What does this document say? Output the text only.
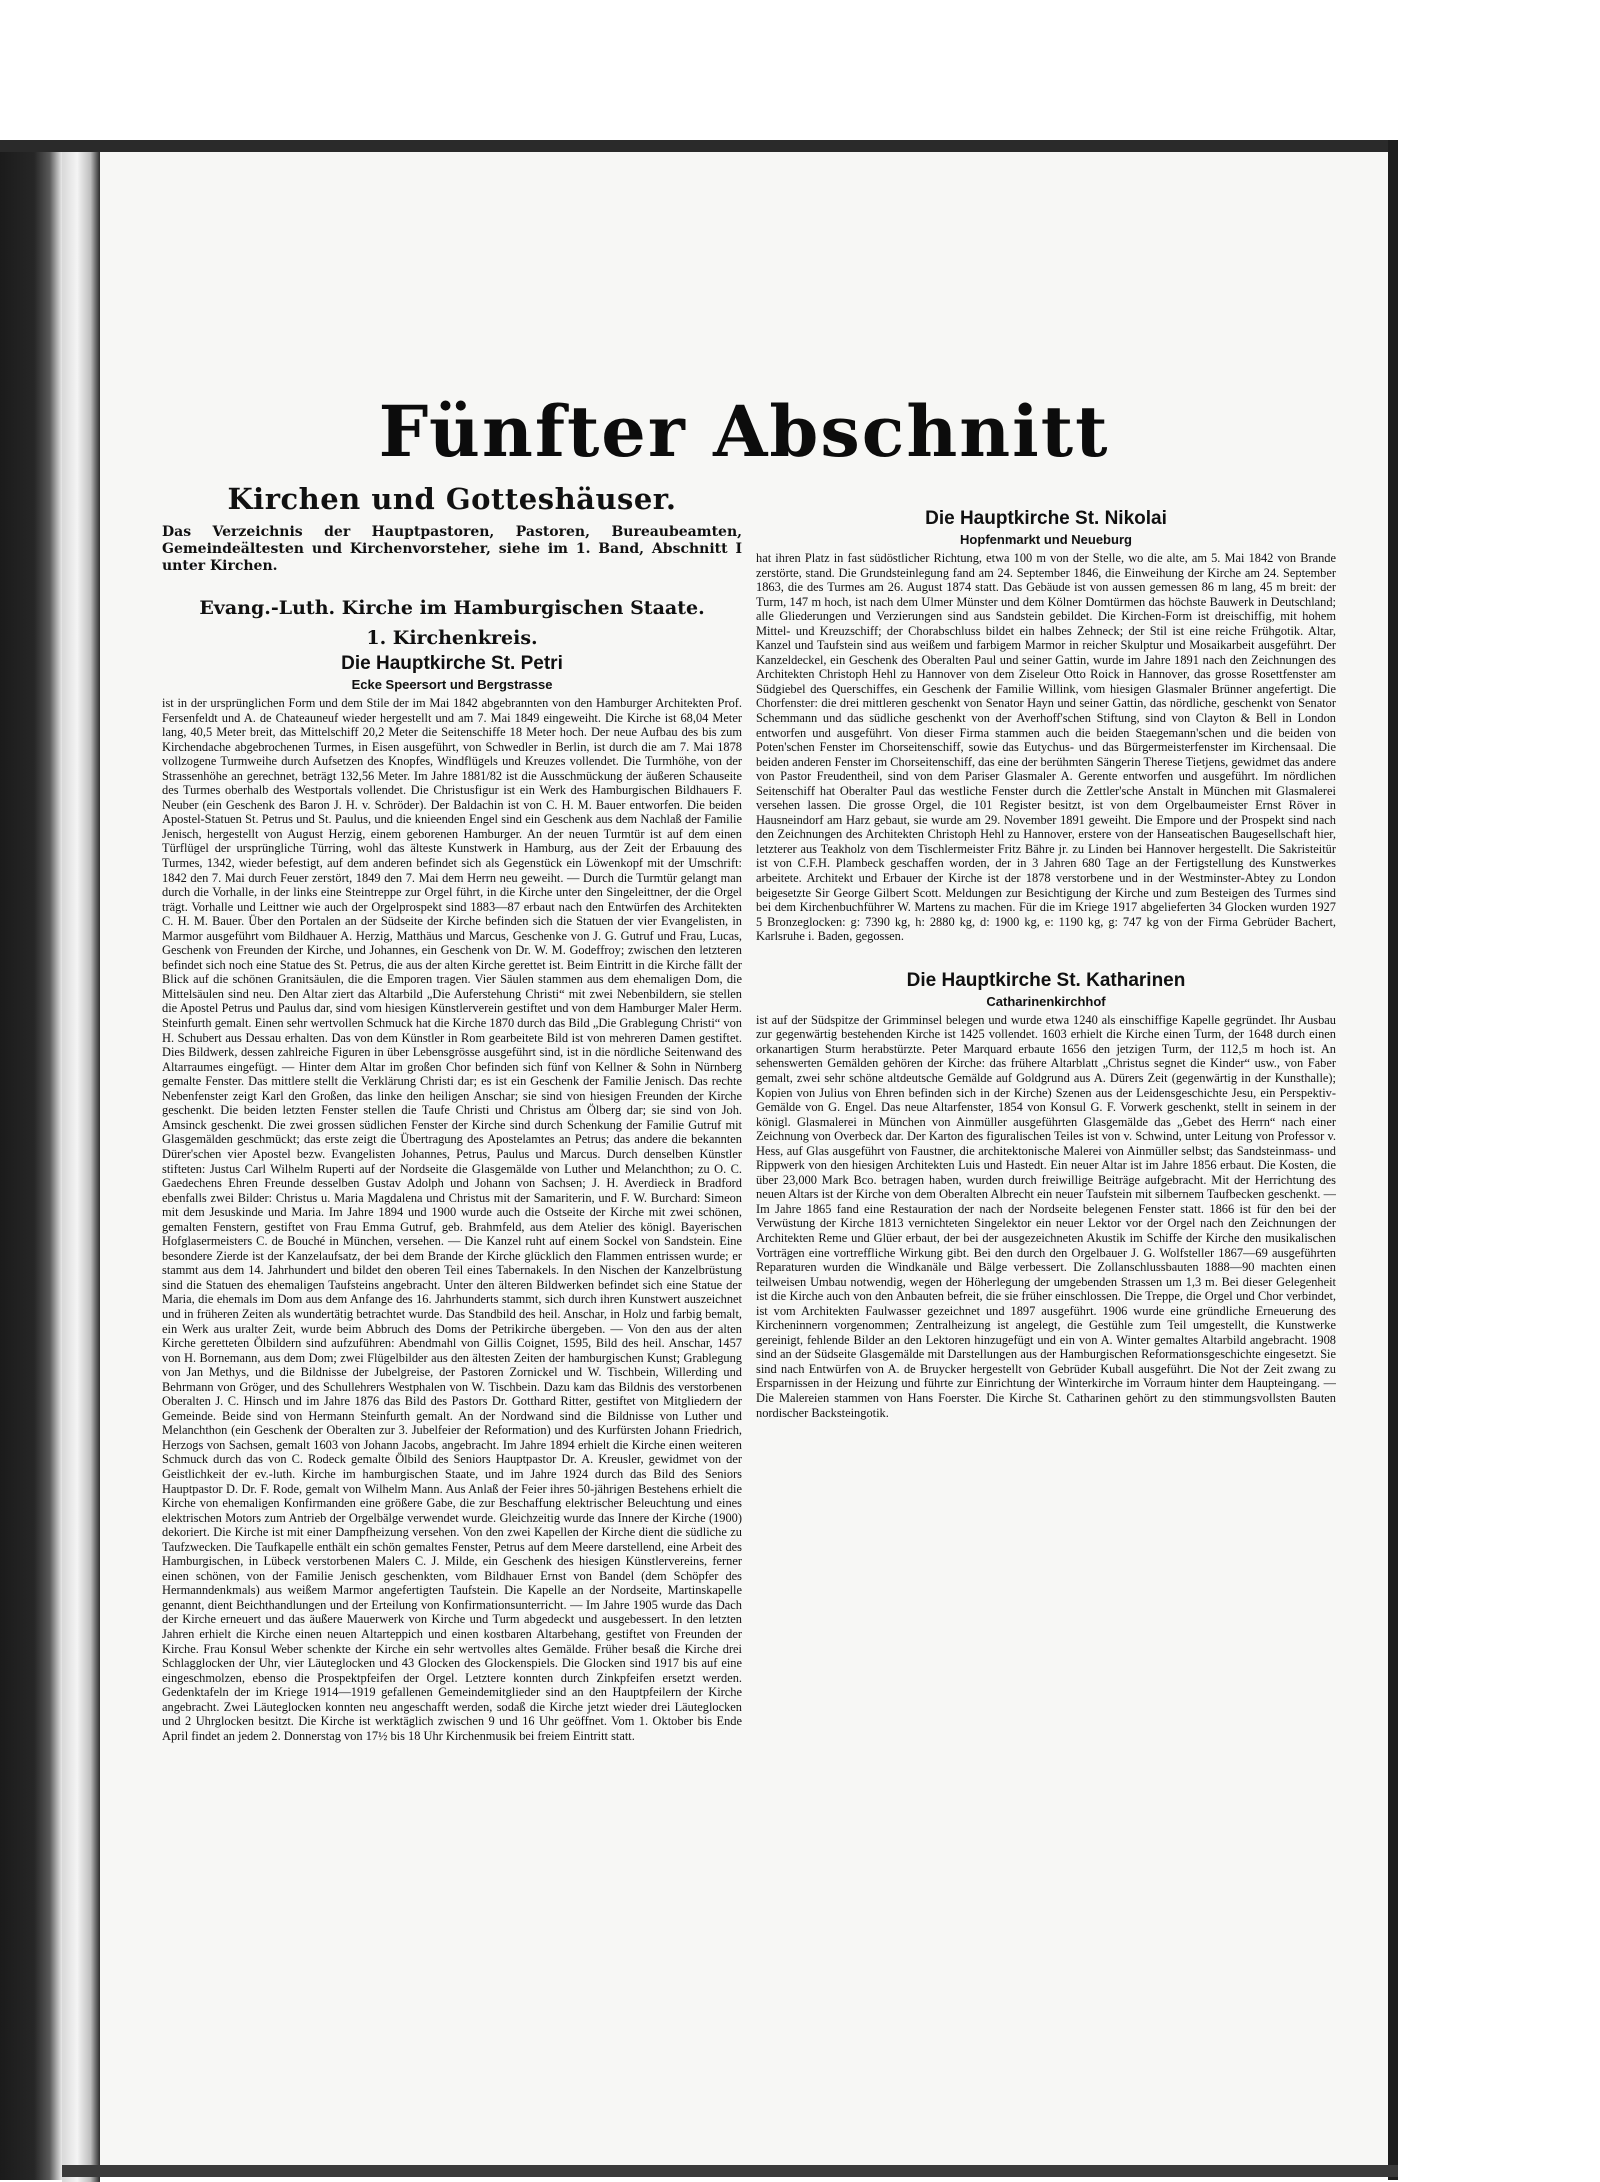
Fünfter Abschnitt
Kirchen und Gotteshäuser.

Das Verzeichnis der Hauptpastoren, Pastoren, Bureaubeamten, Gemeindeältesten und Kirchenvorsteher, siehe im 1. Band, Abschnitt I unter Kirchen.

Evang.-Luth. Kirche im Hamburgischen Staate.
1. Kirchenkreis.
Die Hauptkirche St. Petri
Ecke Speersort und Bergstrasse

ist in der ursprünglichen Form und dem Stile der im Mai 1842 abgebrannten von den Hamburger Architekten Prof. Fersenfeldt und A. de Chateauneuf wieder hergestellt und am 7. Mai 1849 eingeweiht. Die Kirche ist 68,04 Meter lang, 40,5 Meter breit, das Mittelschiff 20,2 Meter die Seitenschiffe 18 Meter hoch. Der neue Aufbau des bis zum Kirchendache abgebrochenen Turmes, in Eisen ausgeführt, von Schwedler in Berlin, ist durch die am 7. Mai 1878 vollzogene Turmweihe durch Aufsetzen des Knopfes, Windflügels und Kreuzes vollendet. Die Turmhöhe, von der Strassenhöhe an gerechnet, beträgt 132,56 Meter. Im Jahre 1881/82 ist die Ausschmückung der äußeren Schauseite des Turmes oberhalb des Westportals vollendet. Die Christusfigur ist ein Werk des Hamburgischen Bildhauers F. Neuber (ein Geschenk des Baron J. H. v. Schröder). Der Baldachin ist von C. H. M. Bauer entworfen. Die beiden Apostel-Statuen St. Petrus und St. Paulus, und die knieenden Engel sind ein Geschenk aus dem Nachlaß der Familie Jenisch, hergestellt von August Herzig, einem geborenen Hamburger. An der neuen Turmtür ist auf dem einen Türflügel der ursprüngliche Türring, wohl das älteste Kunstwerk in Hamburg, aus der Zeit der Erbauung des Turmes, 1342, wieder befestigt, auf dem anderen befindet sich als Gegenstück ein Löwenkopf mit der Umschrift: 1842 den 7. Mai durch Feuer zerstört, 1849 den 7. Mai dem Herrn neu geweiht. — Durch die Turmtür gelangt man durch die Vorhalle, in der links eine Steintreppe zur Orgel führt, in die Kirche unter den Singeleittner, der die Orgel trägt. Vorhalle und Leittner wie auch der Orgelprospekt sind 1883—87 erbaut nach den Entwürfen des Architekten C. H. M. Bauer. Über den Portalen an der Südseite der Kirche befinden sich die Statuen der vier Evangelisten, in Marmor ausgeführt vom Bildhauer A. Herzig, Matthäus und Marcus, Geschenke von J. G. Gutruf und Frau, Lucas, Geschenk von Freunden der Kirche, und Johannes, ein Geschenk von Dr. W. M. Godeffroy; zwischen den letzteren befindet sich noch eine Statue des St. Petrus, die aus der alten Kirche gerettet ist. Beim Eintritt in die Kirche fällt der Blick auf die schönen Granitsäulen, die die Emporen tragen. Vier Säulen stammen aus dem ehemaligen Dom, die Mittelsäulen sind neu. Den Altar ziert das Altarbild „Die Auferstehung Christi“ mit zwei Nebenbildern, sie stellen die Apostel Petrus und Paulus dar, sind vom hiesigen Künstlerverein gestiftet und von dem Hamburger Maler Herm. Steinfurth gemalt. Einen sehr wertvollen Schmuck hat die Kirche 1870 durch das Bild „Die Grablegung Christi“ von H. Schubert aus Dessau erhalten. Das von dem Künstler in Rom gearbeitete Bild ist von mehreren Damen gestiftet. Dies Bildwerk, dessen zahlreiche Figuren in über Lebensgrösse ausgeführt sind, ist in die nördliche Seitenwand des Altarraumes eingefügt. — Hinter dem Altar im großen Chor befinden sich fünf von Kellner & Sohn in Nürnberg gemalte Fenster. Das mittlere stellt die Verklärung Christi dar; es ist ein Geschenk der Familie Jenisch. Das rechte Nebenfenster zeigt Karl den Großen, das linke den heiligen Anschar; sie sind von hiesigen Freunden der Kirche geschenkt. Die beiden letzten Fenster stellen die Taufe Christi und Christus am Ölberg dar; sie sind von Joh. Amsinck geschenkt. Die zwei grossen südlichen Fenster der Kirche sind durch Schenkung der Familie Gutruf mit Glasgemälden geschmückt; das erste zeigt die Übertragung des Apostelamtes an Petrus; das andere die bekannten Dürer'schen vier Apostel bezw. Evangelisten Johannes, Petrus, Paulus und Marcus. Durch denselben Künstler stifteten: Justus Carl Wilhelm Ruperti auf der Nordseite die Glasgemälde von Luther und Melanchthon; zu O. C. Gaedechens Ehren Freunde desselben Gustav Adolph und Johann von Sachsen; J. H. Averdieck in Bradford ebenfalls zwei Bilder: Christus u. Maria Magdalena und Christus mit der Samariterin, und F. W. Burchard: Simeon mit dem Jesuskinde und Maria. Im Jahre 1894 und 1900 wurde auch die Ostseite der Kirche mit zwei schönen, gemalten Fenstern, gestiftet von Frau Emma Gutruf, geb. Brahmfeld, aus dem Atelier des königl. Bayerischen Hofglasermeisters C. de Bouché in München, versehen. — Die Kanzel ruht auf einem Sockel von Sandstein. Eine besondere Zierde ist der Kanzelaufsatz, der bei dem Brande der Kirche glücklich den Flammen entrissen wurde; er stammt aus dem 14. Jahrhundert und bildet den oberen Teil eines Tabernakels. In den Nischen der Kanzelbrüstung sind die Statuen des ehemaligen Taufsteins angebracht. Unter den älteren Bildwerken befindet sich eine Statue der Maria, die ehemals im Dom aus dem Anfange des 16. Jahrhunderts stammt, sich durch ihren Kunstwert auszeichnet und in früheren Zeiten als wundertätig betrachtet wurde. Das Standbild des heil. Anschar, in Holz und farbig bemalt, ein Werk aus uralter Zeit, wurde beim Abbruch des Doms der Petrikirche übergeben. — Von den aus der alten Kirche geretteten Ölbildern sind aufzuführen: Abendmahl von Gillis Coignet, 1595, Bild des heil. Anschar, 1457 von H. Bornemann, aus dem Dom; zwei Flügelbilder aus den ältesten Zeiten der hamburgischen Kunst; Grablegung von Jan Methys, und die Bildnisse der Jubelgreise, der Pastoren Zornickel und W. Tischbein, Willerding und Behrmann von Gröger, und des Schullehrers Westphalen von W. Tischbein. Dazu kam das Bildnis des verstorbenen Oberalten J. C. Hinsch und im Jahre 1876 das Bild des Pastors Dr. Gotthard Ritter, gestiftet von Mitgliedern der Gemeinde. Beide sind von Hermann Steinfurth gemalt. An der Nordwand sind die Bildnisse von Luther und Melanchthon (ein Geschenk der Oberalten zur 3. Jubelfeier der Reformation) und des Kurfürsten Johann Friedrich, Herzogs von Sachsen, gemalt 1603 von Johann Jacobs, angebracht. Im Jahre 1894 erhielt die Kirche einen weiteren Schmuck durch das von C. Rodeck gemalte Ölbild des Seniors Hauptpastor Dr. A. Kreusler, gewidmet von der Geistlichkeit der ev.-luth. Kirche im hamburgischen Staate, und im Jahre 1924 durch das Bild des Seniors Hauptpastor D. Dr. F. Rode, gemalt von Wilhelm Mann. Aus Anlaß der Feier ihres 50-jährigen Bestehens erhielt die Kirche von ehemaligen Konfirmanden eine größere Gabe, die zur Beschaffung elektrischer Beleuchtung und eines elektrischen Motors zum Antrieb der Orgelbälge verwendet wurde. Gleichzeitig wurde das Innere der Kirche (1900) dekoriert. Die Kirche ist mit einer Dampfheizung versehen. Von den zwei Kapellen der Kirche dient die südliche zu Taufzwecken. Die Taufkapelle enthält ein schön gemaltes Fenster, Petrus auf dem Meere darstellend, eine Arbeit des Hamburgischen, in Lübeck verstorbenen Malers C. J. Milde, ein Geschenk des hiesigen Künstlervereins, ferner einen schönen, von der Familie Jenisch geschenkten, vom Bildhauer Ernst von Bandel (dem Schöpfer des Hermanndenkmals) aus weißem Marmor angefertigten Taufstein. Die Kapelle an der Nordseite, Martinskapelle genannt, dient Beichthandlungen und der Erteilung von Konfirmationsunterricht. — Im Jahre 1905 wurde das Dach der Kirche erneuert und das äußere Mauerwerk von Kirche und Turm abgedeckt und ausgebessert. In den letzten Jahren erhielt die Kirche einen neuen Altarteppich und einen kostbaren Altarbehang, gestiftet von Freunden der Kirche. Frau Konsul Weber schenkte der Kirche ein sehr wertvolles altes Gemälde. Früher besaß die Kirche drei Schlagglocken der Uhr, vier Läuteglocken und 43 Glocken des Glockenspiels. Die Glocken sind 1917 bis auf eine eingeschmolzen, ebenso die Prospektpfeifen der Orgel. Letztere konnten durch Zinkpfeifen ersetzt werden. Gedenktafeln der im Kriege 1914—1919 gefallenen Gemeindemitglieder sind an den Hauptpfeilern der Kirche angebracht. Zwei Läuteglocken konnten neu angeschafft werden, sodaß die Kirche jetzt wieder drei Läuteglocken und 2 Uhrglocken besitzt. Die Kirche ist werktäglich zwischen 9 und 16 Uhr geöffnet. Vom 1. Oktober bis Ende April findet an jedem 2. Donnerstag von 17½ bis 18 Uhr Kirchenmusik bei freiem Eintritt statt.

Die Hauptkirche St. Nikolai
Hopfenmarkt und Neueburg

hat ihren Platz in fast südöstlicher Richtung, etwa 100 m von der Stelle, wo die alte, am 5. Mai 1842 von Brande zerstörte, stand. Die Grundsteinlegung fand am 24. September 1846, die Einweihung der Kirche am 24. September 1863, die des Turmes am 26. August 1874 statt. Das Gebäude ist von aussen gemessen 86 m lang, 45 m breit: der Turm, 147 m hoch, ist nach dem Ulmer Münster und dem Kölner Domtürmen das höchste Bauwerk in Deutschland; alle Gliederungen und Verzierungen sind aus Sandstein gebildet. Die Kirchen-Form ist dreischiffig, mit hohem Mittel- und Kreuzschiff; der Chorabschluss bildet ein halbes Zehneck; der Stil ist eine reiche Frühgotik. Altar, Kanzel und Taufstein sind aus weißem und farbigem Marmor in reicher Skulptur und Mosaikarbeit ausgeführt. Der Kanzeldeckel, ein Geschenk des Oberalten Paul und seiner Gattin, wurde im Jahre 1891 nach den Zeichnungen des Architekten Christoph Hehl zu Hannover von dem Ziseleur Otto Roick in Hannover, das grosse Rosettfenster am Südgiebel des Querschiffes, ein Geschenk der Familie Willink, vom hiesigen Glasmaler Brünner angefertigt. Die Chorfenster: die drei mittleren geschenkt von Senator Hayn und seiner Gattin, das nördliche, geschenkt von Senator Schemmann und das südliche geschenkt von der Averhoff'schen Stiftung, sind von Clayton & Bell in London entworfen und ausgeführt. Von dieser Firma stammen auch die beiden Staegemann'schen und die beiden von Poten'schen Fenster im Chorseitenschiff, sowie das Eutychus- und das Bürgermeisterfenster im Kirchensaal. Die beiden anderen Fenster im Chorseitenschiff, das eine der berühmten Sängerin Therese Tietjens, gewidmet das andere von Pastor Freudentheil, sind von dem Pariser Glasmaler A. Gerente entworfen und ausgeführt. Im nördlichen Seitenschiff hat Oberalter Paul das westliche Fenster durch die Zettler'sche Anstalt in München mit Glasmalerei versehen lassen. Die grosse Orgel, die 101 Register besitzt, ist von dem Orgelbaumeister Ernst Röver in Hausneindorf am Harz gebaut, sie wurde am 29. November 1891 geweiht. Die Empore und der Prospekt sind nach den Zeichnungen des Architekten Christoph Hehl zu Hannover, erstere von der Hanseatischen Baugesellschaft hier, letzterer aus Teakholz von dem Tischlermeister Fritz Bähre jr. zu Linden bei Hannover hergestellt. Die Sakristeitür ist von C.F.H. Plambeck geschaffen worden, der in 3 Jahren 680 Tage an der Fertigstellung des Kunstwerkes arbeitete. Architekt und Erbauer der Kirche ist der 1878 verstorbene und in der Westminster-Abtey zu London beigesetzte Sir George Gilbert Scott. Meldungen zur Besichtigung der Kirche und zum Besteigen des Turmes sind bei dem Kirchenbuchführer W. Martens zu machen. Für die im Kriege 1917 abgelieferten 34 Glocken wurden 1927 5 Bronzeglocken: g: 7390 kg, h: 2880 kg, d: 1900 kg, e: 1190 kg, g: 747 kg von der Firma Gebrüder Bachert, Karlsruhe i. Baden, gegossen.

Die Hauptkirche St. Katharinen
Catharinenkirchhof

ist auf der Südspitze der Grimminsel belegen und wurde etwa 1240 als einschiffige Kapelle gegründet. Ihr Ausbau zur gegenwärtig bestehenden Kirche ist 1425 vollendet. 1603 erhielt die Kirche einen Turm, der 1648 durch einen orkanartigen Sturm herabstürzte. Peter Marquard erbaute 1656 den jetzigen Turm, der 112,5 m hoch ist. An sehenswerten Gemälden gehören der Kirche: das frühere Altarblatt „Christus segnet die Kinder“ usw., von Faber gemalt, zwei sehr schöne altdeutsche Gemälde auf Goldgrund aus A. Dürers Zeit (gegenwärtig in der Kunsthalle); Kopien von Julius von Ehren befinden sich in der Kirche) Szenen aus der Leidensgeschichte Jesu, ein Perspektiv-Gemälde von G. Engel. Das neue Altarfenster, 1854 von Konsul G. F. Vorwerk geschenkt, stellt in seinem in der königl. Glasmalerei in München von Ainmüller ausgeführten Glasgemälde das „Gebet des Herrn“ nach einer Zeichnung von Overbeck dar. Der Karton des figuralischen Teiles ist von v. Schwind, unter Leitung von Professor v. Hess, auf Glas ausgeführt von Faustner, die architektonische Malerei von Ainmüller selbst; das Sandsteinmass- und Rippwerk von den hiesigen Architekten Luis und Hastedt. Ein neuer Altar ist im Jahre 1856 erbaut. Die Kosten, die über 23,000 Mark Bco. betragen haben, wurden durch freiwillige Beiträge aufgebracht. Mit der Herrichtung des neuen Altars ist der Kirche von dem Oberalten Albrecht ein neuer Taufstein mit silbernem Taufbecken geschenkt. — Im Jahre 1865 fand eine Restauration der nach der Nordseite belegenen Fenster statt. 1866 ist für den bei der Verwüstung der Kirche 1813 vernichteten Singelektor ein neuer Lektor vor der Orgel nach den Zeichnungen der Architekten Reme und Glüer erbaut, der bei der ausgezeichneten Akustik im Schiffe der Kirche den musikalischen Vorträgen eine vortreffliche Wirkung gibt. Bei den durch den Orgelbauer J. G. Wolfsteller 1867—69 ausgeführten Reparaturen wurden die Windkanäle und Bälge verbessert. Die Zollanschlussbauten 1888—90 machten einen teilweisen Umbau notwendig, wegen der Höherlegung der umgebenden Strassen um 1,3 m. Bei dieser Gelegenheit ist die Kirche auch von den Anbauten befreit, die sie früher einschlossen. Die Treppe, die Orgel und Chor verbindet, ist vom Architekten Faulwasser gezeichnet und 1897 ausgeführt. 1906 wurde eine gründliche Erneuerung des Kircheninnern vorgenommen; Zentralheizung ist angelegt, die Gestühle zum Teil umgestellt, die Kunstwerke gereinigt, fehlende Bilder an den Lektoren hinzugefügt und ein von A. Winter gemaltes Altarbild angebracht. 1908 sind an der Südseite Glasgemälde mit Darstellungen aus der Hamburgischen Reformationsgeschichte eingesetzt. Sie sind nach Entwürfen von A. de Bruycker hergestellt von Gebrüder Kuball ausgeführt. Die Not der Zeit zwang zu Ersparnissen in der Heizung und führte zur Einrichtung der Winterkirche im Vorraum hinter dem Haupteingang. — Die Malereien stammen von Hans Foerster. Die Kirche St. Catharinen gehört zu den stimmungsvollsten Bauten nordischer Backsteingotik.
